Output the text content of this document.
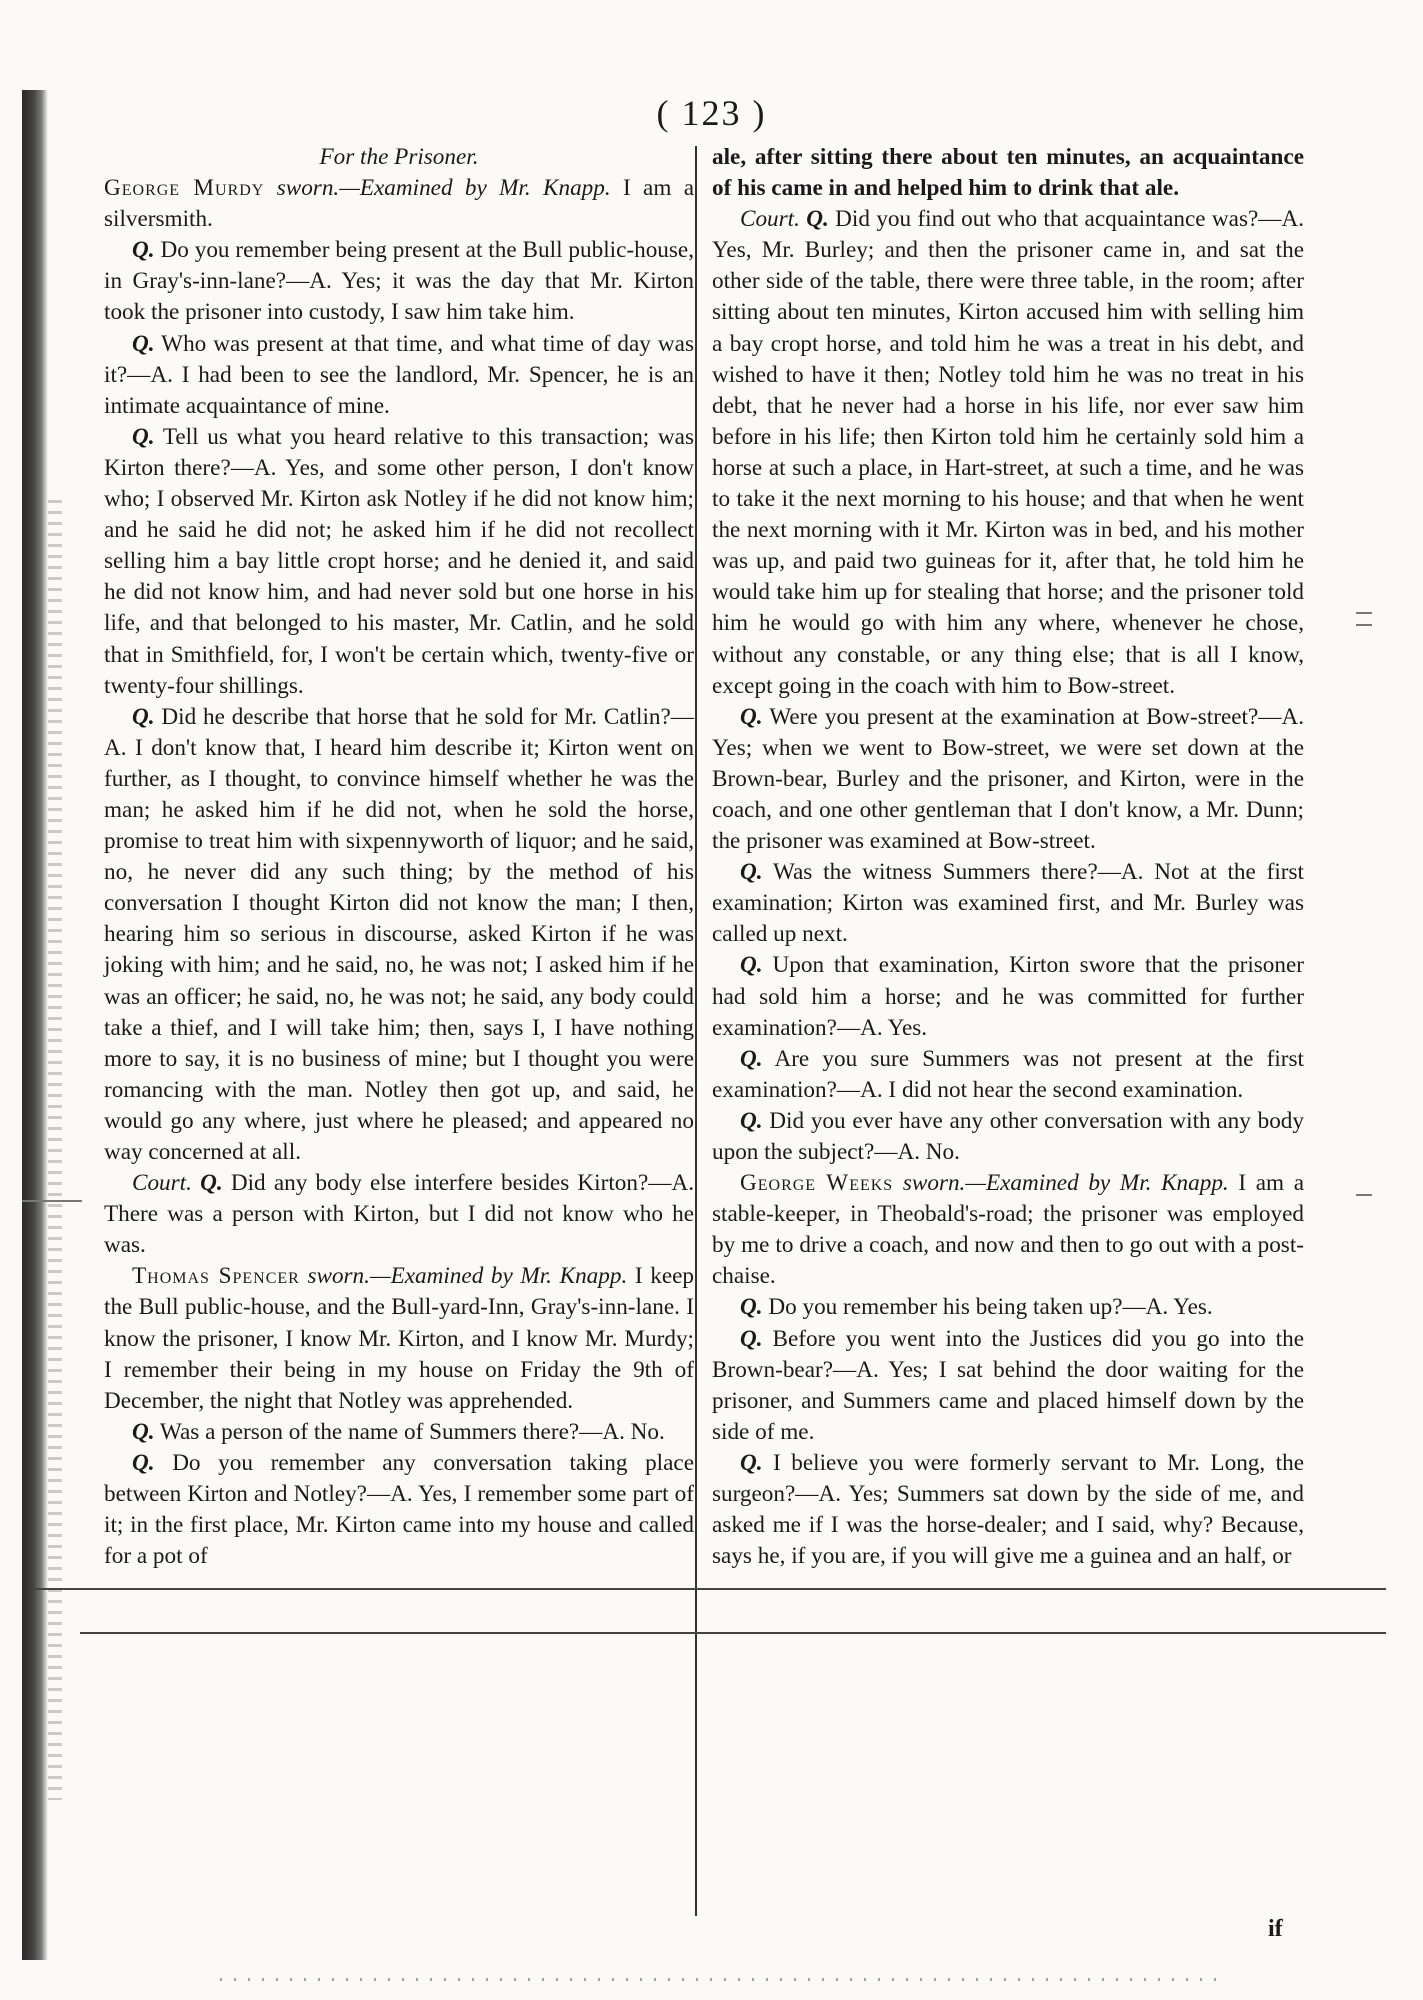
( 123 )

For the Prisoner.

George Murdy sworn.—Examined by Mr. Knapp. I am a silversmith.

Q. Do you remember being present at the Bull public-house, in Gray's-inn-lane?—A. Yes; it was the day that Mr. Kirton took the prisoner into custody, I saw him take him.

Q. Who was present at that time, and what time of day was it?—A. I had been to see the landlord, Mr. Spencer, he is an intimate acquaintance of mine.

Q. Tell us what you heard relative to this transaction; was Kirton there?—A. Yes, and some other person, I don't know who; I observed Mr. Kirton ask Notley if he did not know him; and he said he did not; he asked him if he did not recollect selling him a bay little cropt horse; and he denied it, and said he did not know him, and had never sold but one horse in his life, and that belonged to his master, Mr. Catlin, and he sold that in Smithfield, for, I won't be certain which, twenty-five or twenty-four shillings.

Q. Did he describe that horse that he sold for Mr. Catlin?—A. I don't know that, I heard him describe it; Kirton went on further, as I thought, to convince himself whether he was the man; he asked him if he did not, when he sold the horse, promise to treat him with sixpennyworth of liquor; and he said, no, he never did any such thing; by the method of his conversation I thought Kirton did not know the man; I then, hearing him so serious in discourse, asked Kirton if he was joking with him; and he said, no, he was not; I asked him if he was an officer; he said, no, he was not; he said, any body could take a thief, and I will take him; then, says I, I have nothing more to say, it is no business of mine; but I thought you were romancing with the man. Notley then got up, and said, he would go any where, just where he pleased; and appeared no way concerned at all.

Court. Q. Did any body else interfere besides Kirton?—A. There was a person with Kirton, but I did not know who he was.

Thomas Spencer sworn.—Examined by Mr. Knapp. I keep the Bull public-house, and the Bull-yard-Inn, Gray's-inn-lane. I know the prisoner, I know Mr. Kirton, and I know Mr. Murdy; I remember their being in my house on Friday the 9th of December, the night that Notley was apprehended.

Q. Was a person of the name of Summers there?—A. No.

Q. Do you remember any conversation taking place between Kirton and Notley?—A. Yes, I remember some part of it; in the first place, Mr. Kirton came into my house and called for a pot of

ale, after sitting there about ten minutes, an acquaintance of his came in and helped him to drink that ale.

Court. Q. Did you find out who that acquaintance was?—A. Yes, Mr. Burley; and then the prisoner came in, and sat the other side of the table, there were three table, in the room; after sitting about ten minutes, Kirton accused him with selling him a bay cropt horse, and told him he was a treat in his debt, and wished to have it then; Notley told him he was no treat in his debt, that he never had a horse in his life, nor ever saw him before in his life; then Kirton told him he certainly sold him a horse at such a place, in Hart-street, at such a time, and he was to take it the next morning to his house; and that when he went the next morning with it Mr. Kirton was in bed, and his mother was up, and paid two guineas for it, after that, he told him he would take him up for stealing that horse; and the prisoner told him he would go with him any where, whenever he chose, without any constable, or any thing else; that is all I know, except going in the coach with him to Bow-street.

Q. Were you present at the examination at Bow-street?—A. Yes; when we went to Bow-street, we were set down at the Brown-bear, Burley and the prisoner, and Kirton, were in the coach, and one other gentleman that I don't know, a Mr. Dunn; the prisoner was examined at Bow-street.

Q. Was the witness Summers there?—A. Not at the first examination; Kirton was examined first, and Mr. Burley was called up next.

Q. Upon that examination, Kirton swore that the prisoner had sold him a horse; and he was committed for further examination?—A. Yes.

Q. Are you sure Summers was not present at the first examination?—A. I did not hear the second examination.

Q. Did you ever have any other conversation with any body upon the subject?—A. No.

George Weeks sworn.—Examined by Mr. Knapp. I am a stable-keeper, in Theobald's-road; the prisoner was employed by me to drive a coach, and now and then to go out with a post-chaise.

Q. Do you remember his being taken up?—A. Yes.

Q. Before you went into the Justices did you go into the Brown-bear?—A. Yes; I sat behind the door waiting for the prisoner, and Summers came and placed himself down by the side of me.

Q. I believe you were formerly servant to Mr. Long, the surgeon?—A. Yes; Summers sat down by the side of me, and asked me if I was the horse-dealer; and I said, why? Because, says he, if you are, if you will give me a guinea and an half, or

if
